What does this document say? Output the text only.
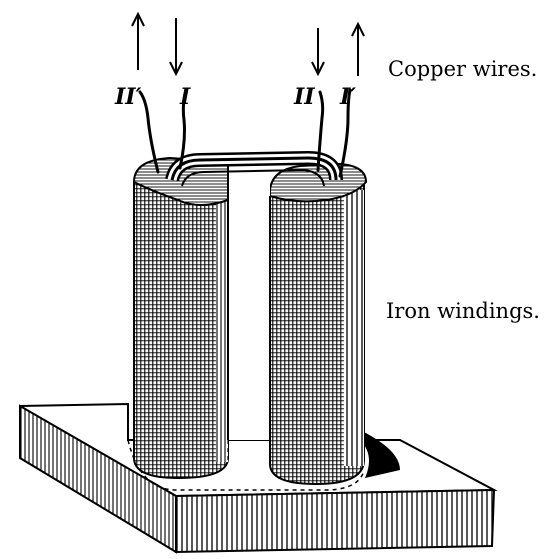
II′ I	II I′
Copper wires.
Iron windings.
